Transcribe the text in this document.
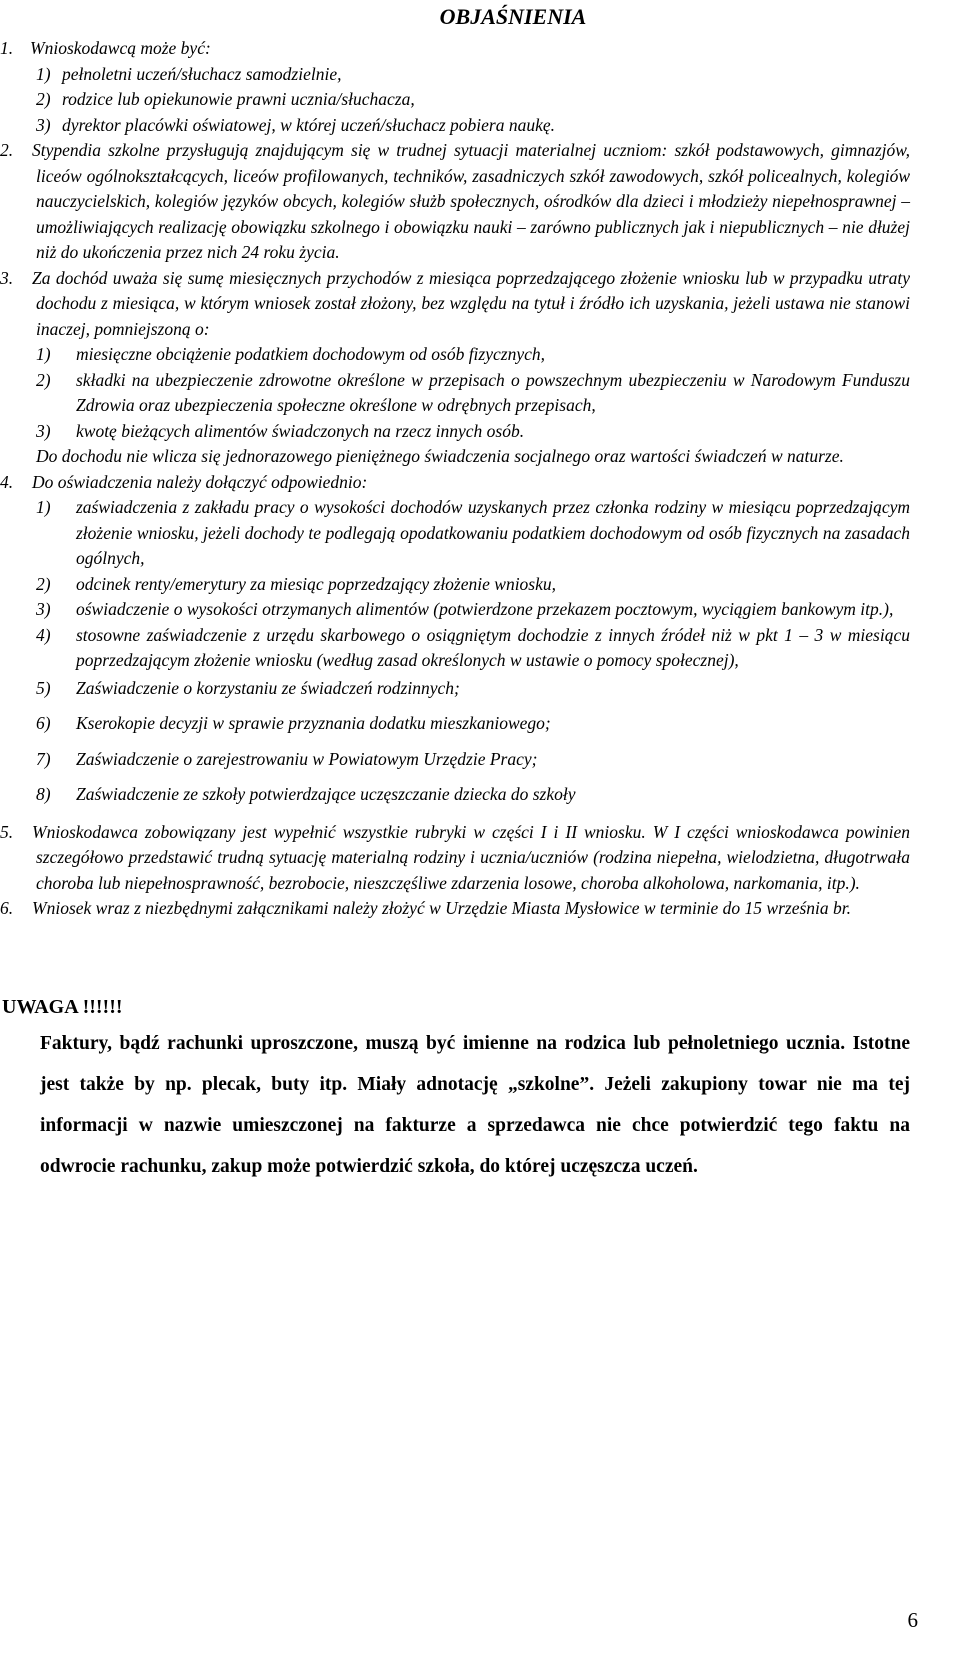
OBJAŚNIENIA
1. Wnioskodawcą może być:
1) pełnoletni uczeń/słuchacz samodzielnie,
2) rodzice lub opiekunowie prawni ucznia/słuchacza,
3) dyrektor placówki oświatowej, w której uczeń/słuchacz pobiera naukę.
2. Stypendia szkolne przysługują znajdującym się w trudnej sytuacji materialnej uczniom: szkół podstawowych, gimnazjów, liceów ogólnokształcących, liceów profilowanych, techników, zasadniczych szkół zawodowych, szkół policealnych, kolegiów nauczycielskich, kolegiów języków obcych, kolegiów służb społecznych, ośrodków dla dzieci i młodzieży niepełnosprawnej – umożliwiających realizację obowiązku szkolnego i obowiązku nauki – zarówno publicznych jak i niepublicznych – nie dłużej niż do ukończenia przez nich 24 roku życia.
3. Za dochód uważa się sumę miesięcznych przychodów z miesiąca poprzedzającego złożenie wniosku lub w przypadku utraty dochodu z miesiąca, w którym wniosek został złożony, bez względu na tytuł i źródło ich uzyskania, jeżeli ustawa nie stanowi inaczej, pomniejszoną o:
1) miesięczne obciążenie podatkiem dochodowym od osób fizycznych,
2) składki na ubezpieczenie zdrowotne określone w przepisach o powszechnym ubezpieczeniu w Narodowym Funduszu Zdrowia oraz ubezpieczenia społeczne określone w odrębnych przepisach,
3) kwotę bieżących alimentów świadczonych na rzecz innych osób.
Do dochodu nie wlicza się jednorazowego pieniężnego świadczenia socjalnego oraz wartości świadczeń w naturze.
4. Do oświadczenia należy dołączyć odpowiednio:
1) zaświadczenia z zakładu pracy o wysokości dochodów uzyskanych przez członka rodziny w miesiącu poprzedzającym złożenie wniosku, jeżeli dochody te podlegają opodatkowaniu podatkiem dochodowym od osób fizycznych na zasadach ogólnych,
2) odcinek renty/emerytury za miesiąc poprzedzający złożenie wniosku,
3) oświadczenie o wysokości otrzymanych alimentów (potwierdzone przekazem pocztowym, wyciągiem bankowym itp.),
4) stosowne zaświadczenie z urzędu skarbowego o osiągniętym dochodzie z innych źródeł niż w pkt 1 – 3 w miesiącu poprzedzającym złożenie wniosku (według zasad określonych w ustawie o pomocy społecznej),
5) Zaświadczenie o korzystaniu ze świadczeń rodzinnych;
6) Kserokopie decyzji w sprawie przyznania dodatku mieszkaniowego;
7) Zaświadczenie o zarejestrowaniu w Powiatowym Urzędzie Pracy;
8) Zaświadczenie ze szkoły potwierdzające uczęszczanie dziecka do szkoły
5. Wnioskodawca zobowiązany jest wypełnić wszystkie rubryki w części I i II wniosku. W I części wnioskodawca powinien szczegółowo przedstawić trudną sytuację materialną rodziny i ucznia/uczniów (rodzina niepełna, wielodzietna, długotrwała choroba lub niepełnosprawność, bezrobocie, nieszczęśliwe zdarzenia losowe, choroba alkoholowa, narkomania, itp.).
6. Wniosek wraz z niezbędnymi załącznikami należy złożyć w Urzędzie Miasta Mysłowice w terminie do 15 września br.
UWAGA !!!!!!
Faktury, bądź rachunki uproszczone, muszą być imienne na rodzica lub pełnoletniego ucznia. Istotne jest także by np. plecak, buty itp. Miały adnotację „szkolne”. Jeżeli zakupiony towar nie ma tej informacji w nazwie umieszczonej na fakturze a sprzedawca nie chce potwierdzić tego faktu na odwrocie rachunku, zakup może potwierdzić szkoła, do której uczęszcza uczeń.
6
